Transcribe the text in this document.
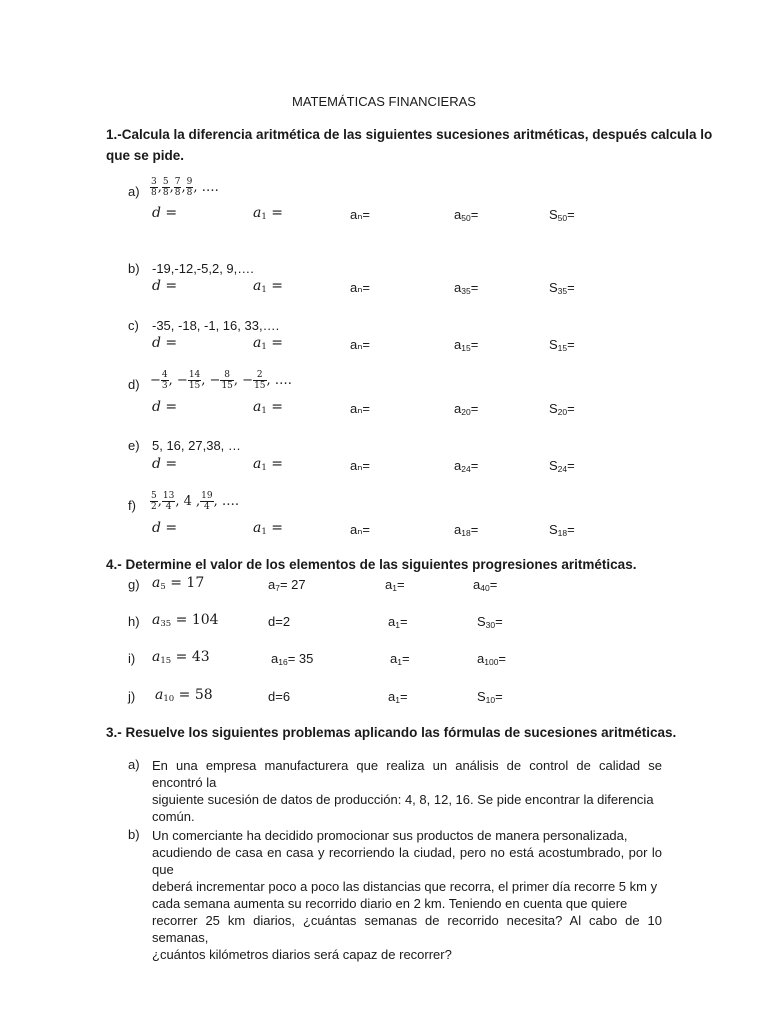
MATEMÁTICAS FINANCIERAS
1.-Calcula la diferencia aritmética de las siguientes sucesiones aritméticas, después calcula lo
que se pide.
$a) \frac{3}{8}$ , $\frac{5}{8}$ , $\frac{7}{8}$ , $\frac{9}{8}$ , ….
d =	$a_1$ =	aₙ=	$a_{50}=$	$S_{50}=$
b) -19,-12,-5,2, 9,….
d =	$a_1$ =	aₙ=	$a_{35}=$	$S_{35}=$
c) -35, -18, -1, 16, 33,….
d =	$a_1$ =	aₙ=	$a_{15}=$	$S_{15}=$
$d) - \frac{4}{3}$ , − $\frac{14}{15}$ , − $\frac{8}{15}$ , − $\frac{2}{15}$ , ….
d =	$a_1$ =	aₙ=	$a_{20}=$	$S_{20}=$
e) 5, 16, 27,38, …
d =	$a_1$ =	aₙ=	$a_{24}=$	$S_{24}=$
$f) \frac{5}{2}$ , $\frac{13}{4}$ , 4 , $\frac{19}{4}$ , ….
d =	$a_1$ =	aₙ=	$a_{18}=$	$S_{18}=$
4.- Determine el valor de los elementos de las siguientes progresiones aritméticas.
g) $a_5 = 17$	$a_7= 27$	$a_1=$	$a_{40}=$
h) $a_{35} = 104$	d=2	$a_1=$	$S_{30}=$
i) $a_{15} = 43$	$a_{16}= 35$	$a_1=$	$a_{100}=$
j) $a_{10} = 58$	d=6	$a_1=$	$S_{10}=$
3.- Resuelve los siguientes problemas aplicando las fórmulas de sucesiones aritméticas.
a) En una empresa manufacturera que realiza un análisis de control de calidad se encontró la
siguiente sucesión de datos de producción: 4, 8, 12, 16. Se pide encontrar la diferencia
común.
b) Un comerciante ha decidido promocionar sus productos de manera personalizada,
acudiendo de casa en casa y recorriendo la ciudad, pero no está acostumbrado, por lo que
deberá incrementar poco a poco las distancias que recorra, el primer día recorre 5 km y
cada semana aumenta su recorrido diario en 2 km. Teniendo en cuenta que quiere
recorrer 25 km diarios, ¿cuántas semanas de recorrido necesita? Al cabo de 10 semanas,
¿cuántos kilómetros diarios será capaz de recorrer?
